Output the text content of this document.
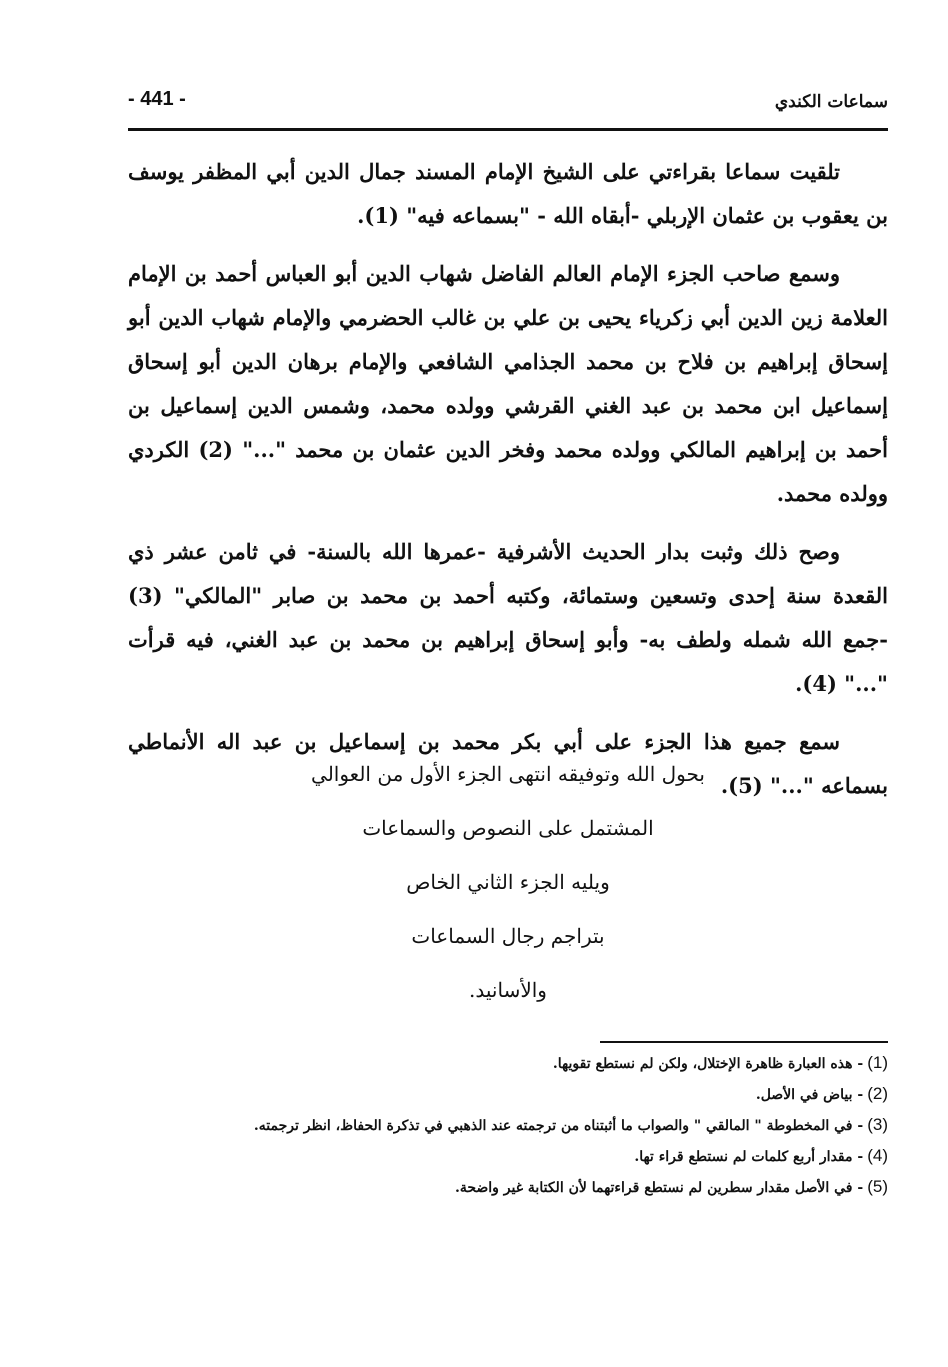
- 441 -	سماعات الكندي

تلقيت سماعا بقراءتي على الشيخ الإمام المسند جمال الدين أبي المظفر يوسف بن يعقوب بن عثمان الإربلي -أبقاه الله - "بسماعه فيه" (1).

وسمع صاحب الجزء الإمام العالم الفاضل شهاب الدين أبو العباس أحمد بن الإمام العلامة زين الدين أبي زكرياء يحيى بن علي بن غالب الحضرمي والإمام شهاب الدين أبو إسحاق إبراهيم بن فلاح بن محمد الجذامي الشافعي والإمام برهان الدين أبو إسحاق إسماعيل ابن محمد بن عبد الغني القرشي وولده محمد، وشمس الدين إسماعيل بن أحمد بن إبراهيم المالكي وولده محمد وفخر الدين عثمان بن محمد "..." (2) الكردي وولده محمد.

وصح ذلك وثبت بدار الحديث الأشرفية -عمرها الله بالسنة- في ثامن عشر ذي القعدة سنة إحدى وتسعين وستمائة، وكتبه أحمد بن محمد بن صابر "المالكي" (3) -جمع الله شمله ولطف به- وأبو إسحاق إبراهيم بن محمد بن عبد الغني، فيه قرأت "..." (4).

سمع جميع هذا الجزء على أبي بكر محمد بن إسماعيل بن عبد اله الأنماطي بسماعه "..." (5).

بحول الله وتوفيقه انتهى الجزء الأول من العوالي
المشتمل على النصوص والسماعات
ويليه الجزء الثاني الخاص
بتراجم رجال السماعات
والأسانيد.
(1)- هذه العبارة ظاهرة الإختلال، ولكن لم نستطع تقويها.
(2)- بياض في الأصل.
(3)- في المخطوطة " المالقي " والصواب ما أثبتناه من ترجمته عند الذهبي في تذكرة الحفاظ، انظر ترجمته.
(4)- مقدار أربع كلمات لم نستطع قراء تها.
(5)- في الأصل مقدار سطرين لم نستطع قراءتهما لأن الكتابة غير واضحة.
